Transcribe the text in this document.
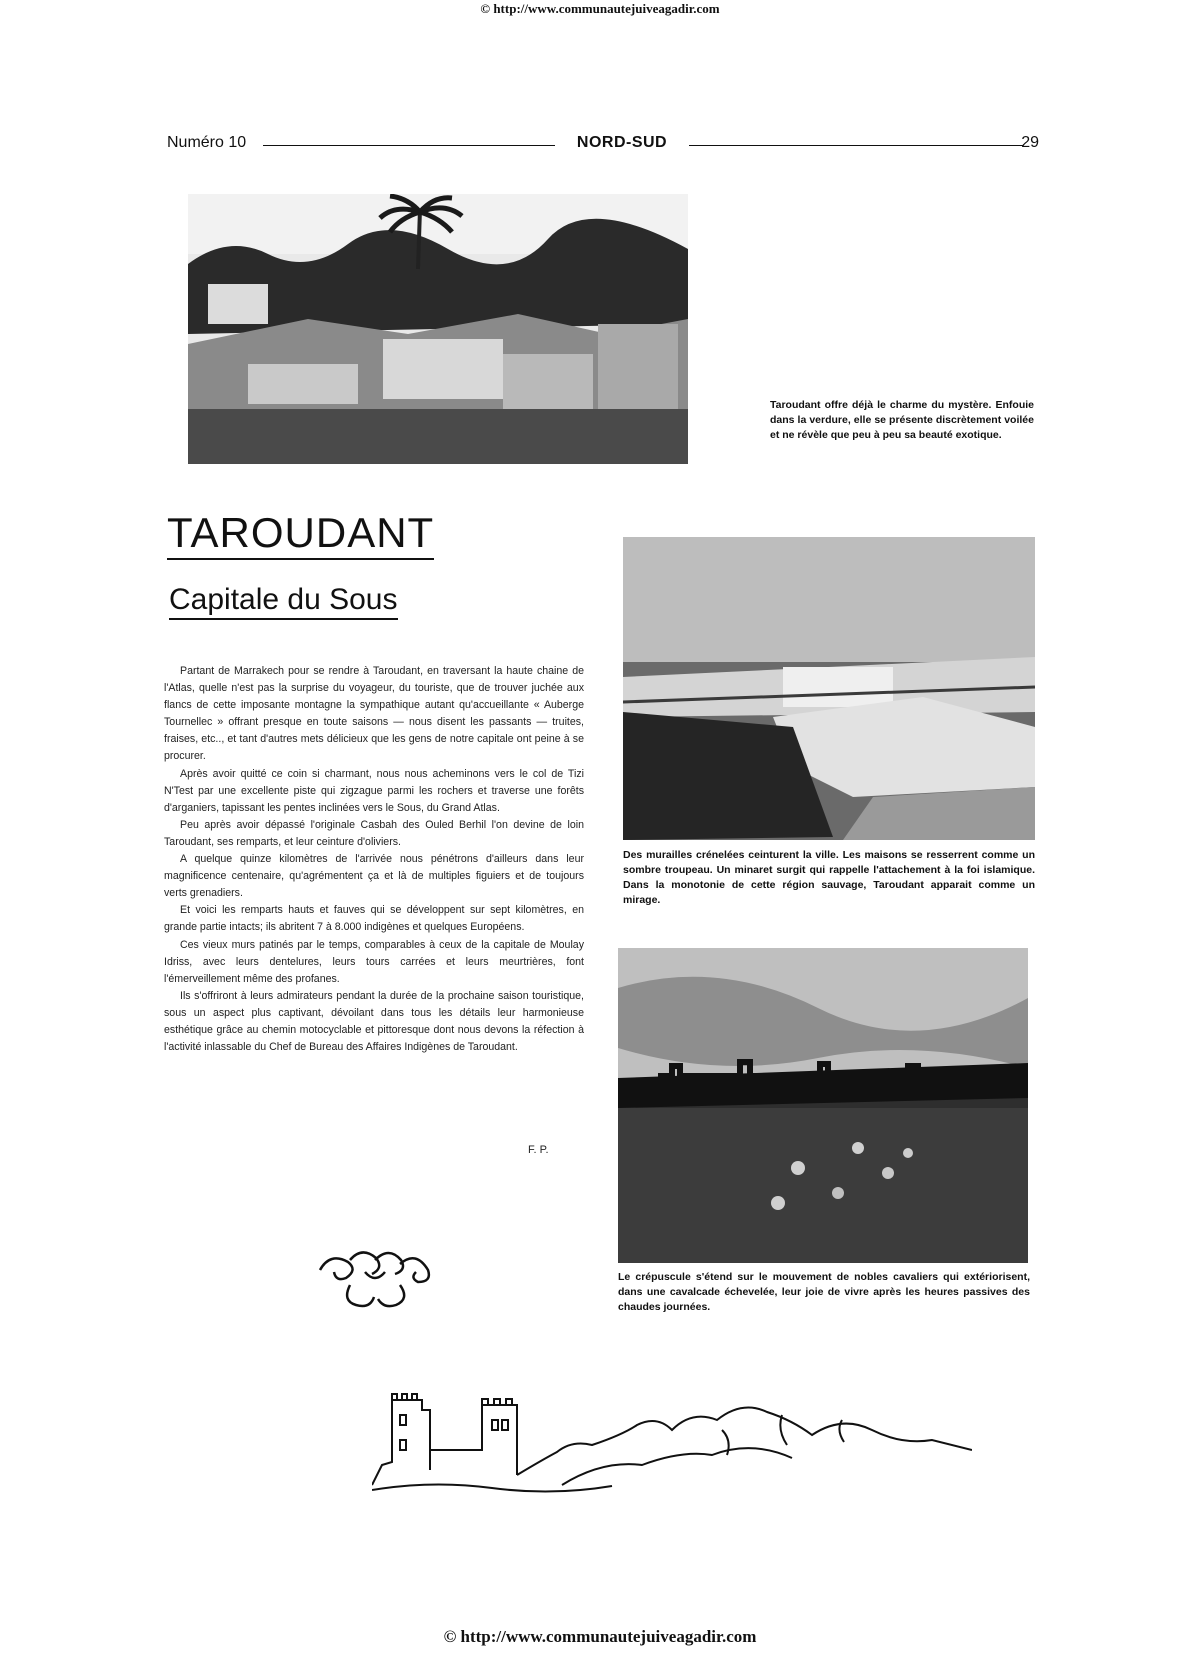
© http://www.communautejuiveagadir.com
Numéro 10	NORD-SUD	29
Taroudant offre déjà le charme du mystère. Enfouie dans la verdure, elle se présente discrètement voilée et ne révèle que peu à peu sa beauté exotique.
TAROUDANT
Capitale du Sous

Partant de Marrakech pour se rendre à Taroudant, en traversant la haute chaine de l'Atlas, quelle n'est pas la surprise du voyageur, du touriste, que de trouver juchée aux flancs de cette imposante montagne la sympathique autant qu'accueillante « Auberge Tournellec » offrant presque en toute saisons — nous disent les passants — truites, fraises, etc.., et tant d'autres mets délicieux que les gens de notre capitale ont peine à se procurer.

Après avoir quitté ce coin si charmant, nous nous acheminons vers le col de Tizi N'Test par une excellente piste qui zigzague parmi les rochers et traverse une forêts d'arganiers, tapissant les pentes inclinées vers le Sous, du Grand Atlas.

Peu après avoir dépassé l'originale Casbah des Ouled Berhil l'on devine de loin Taroudant, ses remparts, et leur ceinture d'oliviers.

A quelque quinze kilomètres de l'arrivée nous pénétrons d'ailleurs dans leur magnificence centenaire, qu'agrémentent ça et là de multiples figuiers et de toujours verts grenadiers.

Et voici les remparts hauts et fauves qui se développent sur sept kilomètres, en grande partie intacts; ils abritent 7 à 8.000 indigènes et quelques Européens.

Ces vieux murs patinés par le temps, comparables à ceux de la capitale de Moulay Idriss, avec leurs dentelures, leurs tours carrées et leurs meurtrières, font l'émerveillement même des profanes.

Ils s'offriront à leurs admirateurs pendant la durée de la prochaine saison touristique, sous un aspect plus captivant, dévoilant dans tous les détails leur harmonieuse esthétique grâce au chemin motocyclable et pittoresque dont nous devons la réfection à l'activité inlassable du Chef de Bureau des Affaires Indigènes de Taroudant.

F. P.
Des murailles crénelées ceinturent la ville. Les maisons se resserrent comme un sombre troupeau. Un minaret surgit qui rappelle l'attachement à la foi islamique. Dans la monotonie de cette région sauvage, Taroudant apparait comme un mirage.
Le crépuscule s'étend sur le mouvement de nobles cavaliers qui extériorisent, dans une cavalcade échevelée, leur joie de vivre après les heures passives des chaudes journées.
© http://www.communautejuiveagadir.com
